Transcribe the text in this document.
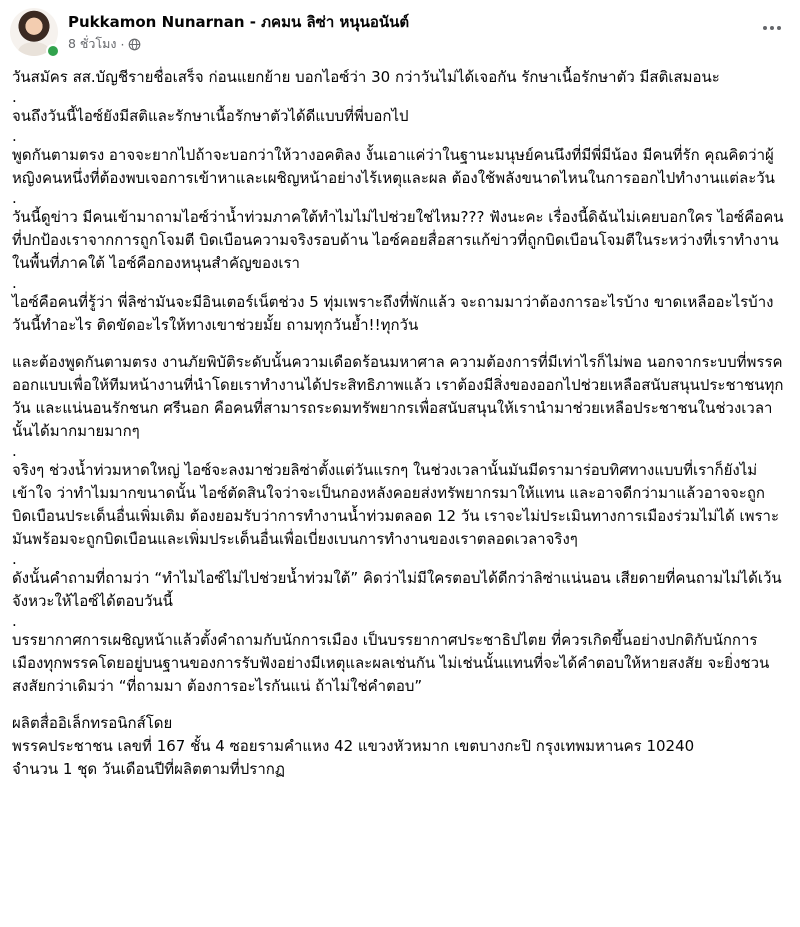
Pukkamon Nunarnan - ภคมน ลิซ่า หนุนอนันต์
8 ชั่วโมง ·

วันสมัคร สส.บัญชีรายชื่อเสร็จ ก่อนแยกย้าย บอกไอซ์ว่า 30 กว่าวันไม่ได้เจอกัน รักษาเนื้อรักษาตัว มีสติเสมอนะ

.

จนถึงวันนี้ไอซ์ยังมีสติและรักษาเนื้อรักษาตัวได้ดีแบบที่พี่บอกไป

.

พูดกันตามตรง อาจจะยากไปถ้าจะบอกว่าให้วางอคติลง งั้นเอาแค่ว่าในฐานะมนุษย์คนนึงที่มีพี่มีน้อง มีคนที่รัก คุณคิดว่าผู้หญิงคนหนึ่งที่ต้องพบเจอการเข้าหาและเผชิญหน้าอย่างไร้เหตุและผล ต้องใช้พลังขนาดไหนในการออกไปทำงานแต่ละวัน

.

วันนี้ดูข่าว มีคนเข้ามาถามไอซ์ว่าน้ำท่วมภาคใต้ทำไมไม่ไปช่วยใช่ไหม??? ฟังนะคะ เรื่องนี้ดิฉันไม่เคยบอกใคร ไอซ์คือคนที่ปกป้องเราจากการถูกโจมตี บิดเบือนความจริงรอบด้าน ไอซ์คอยสื่อสารแก้ข่าวที่ถูกบิดเบือนโจมตีในระหว่างที่เราทำงานในพื้นที่ภาคใต้ ไอซ์คือกองหนุนสำคัญของเรา

.

ไอซ์คือคนที่รู้ว่า พี่ลิซ่ามันจะมีอินเตอร์เน็ตช่วง 5 ทุ่มเพราะถึงที่พักแล้ว จะถามมาว่าต้องการอะไรบ้าง ขาดเหลืออะไรบ้าง วันนี้ทำอะไร ติดขัดอะไรให้ทางเขาช่วยมั้ย ถามทุกวันย้ำ!!ทุกวัน

และต้องพูดกันตามตรง งานภัยพิบัติระดับนั้นความเดือดร้อนมหาศาล ความต้องการที่มีเท่าไรก็ไม่พอ นอกจากระบบที่พรรคออกแบบเพื่อให้ทีมหน้างานที่นำโดยเราทำงานได้ประสิทธิภาพแล้ว เราต้องมีสิ่งของออกไปช่วยเหลือสนับสนุนประชาชนทุกวัน และแน่นอนรักชนก ศรีนอก คือคนที่สามารถระดมทรัพยากรเพื่อสนับสนุนให้เรานำมาช่วยเหลือประชาชนในช่วงเวลานั้นได้มากมายมากๆ

.

จริงๆ ช่วงน้ำท่วมหาดใหญ่ ไอซ์จะลงมาช่วยลิซ่าตั้งแต่วันแรกๆ ในช่วงเวลานั้นมันมีดรามาร่อบทิศทางแบบที่เราก็ยังไม่เข้าใจ ว่าทำไมมากขนาดนั้น ไอซ์ตัดสินใจว่าจะเป็นกองหลังคอยส่งทรัพยากรมาให้แทน และอาจดีกว่ามาแล้วอาจจะถูกบิดเบือนประเด็นอื่นเพิ่มเติม ต้องยอมรับว่าการทำงานน้ำท่วมตลอด 12 วัน เราจะไม่ประเมินทางการเมืองร่วมไม่ได้ เพราะมันพร้อมจะถูกบิดเบือนและเพิ่มประเด็นอื่นเพื่อเบี่ยงเบนการทำงานของเราตลอดเวลาจริงๆ

.

ดังนั้นคำถามที่ถามว่า “ทำไมไอซ์ไม่ไปช่วยน้ำท่วมใต้” คิดว่าไม่มีใครตอบได้ดีกว่าลิซ่าแน่นอน เสียดายที่คนถามไม่ได้เว้นจังหวะให้ไอซ์ได้ตอบวันนี้

.

บรรยากาศการเผชิญหน้าแล้วตั้งคำถามกับนักการเมือง เป็นบรรยากาศประชาธิปไตย ที่ควรเกิดขึ้นอย่างปกติกับนักการเมืองทุกพรรคโดยอยู่บนฐานของการรับฟังอย่างมีเหตุและผลเช่นกัน ไม่เช่นนั้นแทนที่จะได้คำตอบให้หายสงสัย จะยิ่งชวนสงสัยกว่าเดิมว่า “ที่ถามมา ต้องการอะไรกันแน่ ถ้าไม่ใช่คำตอบ”

ผลิตสื่ออิเล็กทรอนิกส์โดย

พรรคประชาชน เลขที่ 167 ชั้น 4 ซอยรามคำแหง 42 แขวงหัวหมาก เขตบางกะปิ กรุงเทพมหานคร 10240

จำนวน 1 ชุด วันเดือนปีที่ผลิตตามที่ปรากฏ
